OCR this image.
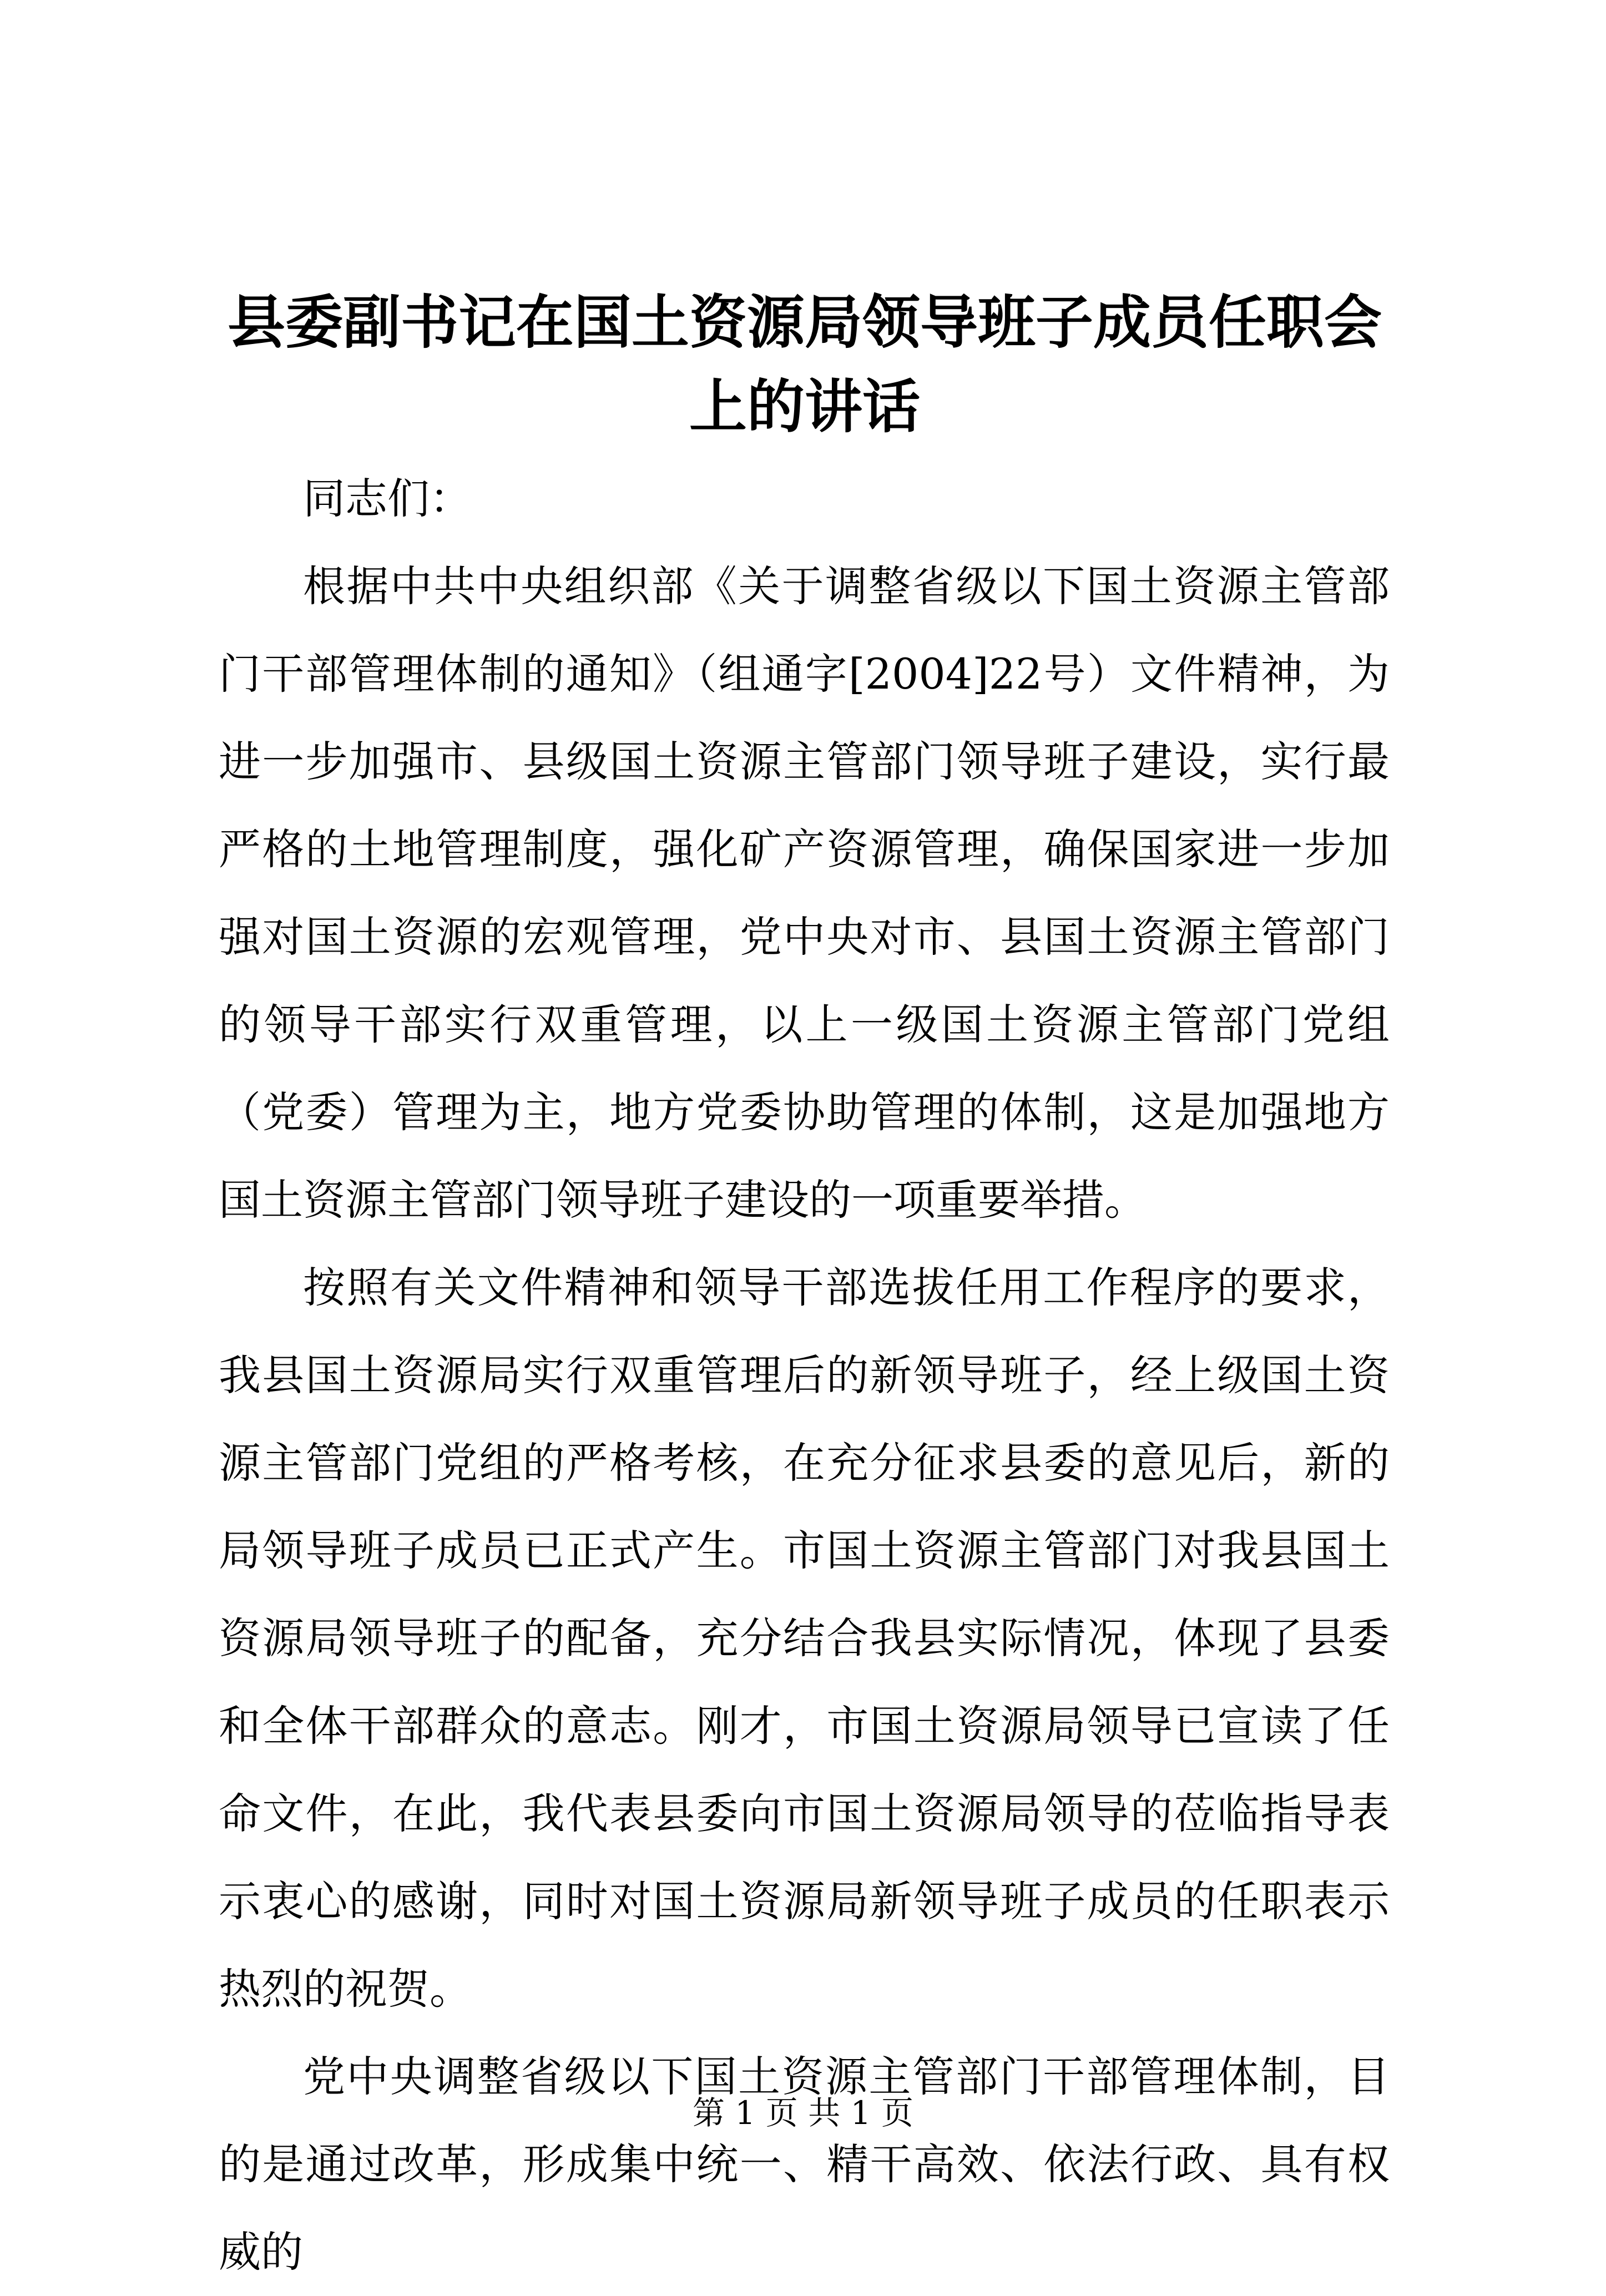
县委副书记在国土资源局领导班子成员任职会上的讲话

同志们：

根据中共中央组织部《关于调整省级以下国土资源主管部门干部管理体制的通知》（组通字[2004]22号）文件精神，为进一步加强市、县级国土资源主管部门领导班子建设，实行最严格的土地管理制度，强化矿产资源管理，确保国家进一步加强对国土资源的宏观管理，党中央对市、县国土资源主管部门的领导干部实行双重管理，以上一级国土资源主管部门党组（党委）管理为主，地方党委协助管理的体制，这是加强地方国土资源主管部门领导班子建设的一项重要举措。

按照有关文件精神和领导干部选拔任用工作程序的要求，我县国土资源局实行双重管理后的新领导班子，经上级国土资源主管部门党组的严格考核，在充分征求县委的意见后，新的局领导班子成员已正式产生。市国土资源主管部门对我县国土资源局领导班子的配备，充分结合我县实际情况，体现了县委和全体干部群众的意志。刚才，市国土资源局领导已宣读了任命文件，在此，我代表县委向市国土资源局领导的莅临指导表示衷心的感谢，同时对国土资源局新领导班子成员的任职表示热烈的祝贺。

党中央调整省级以下国土资源主管部门干部管理体制，目的是通过改革，形成集中统一、精干高效、依法行政、具有权威的

第 1 页 共 1 页
